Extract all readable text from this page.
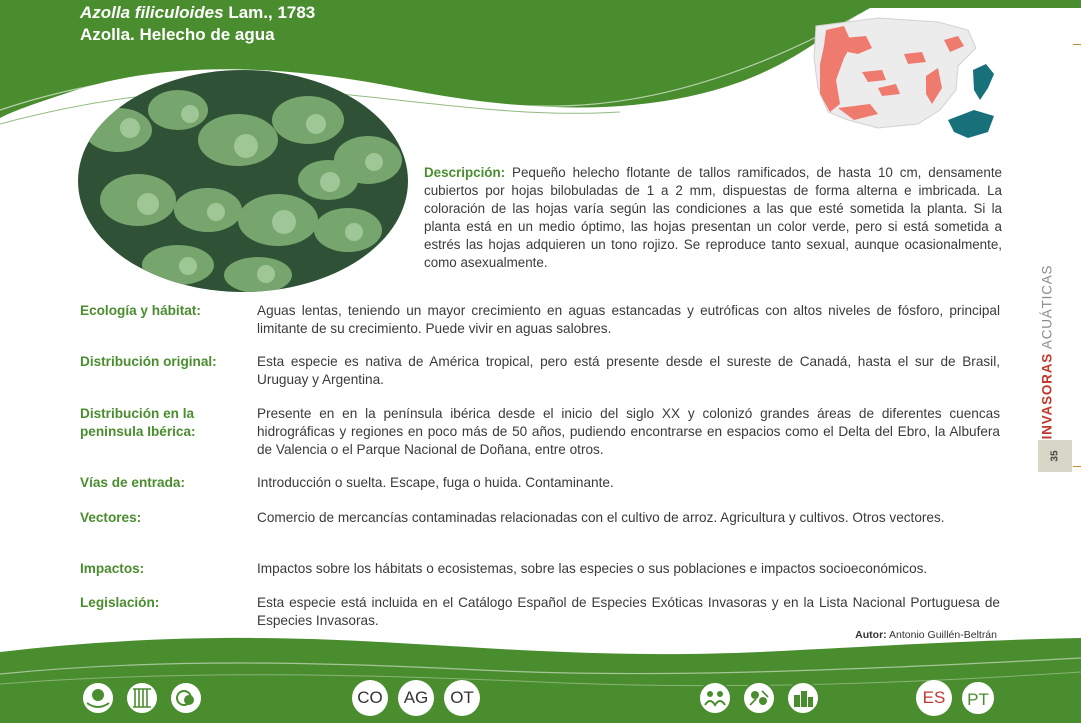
Azolla filiculoides Lam., 1783
Azolla. Helecho de agua
Descripción: Pequeño helecho flotante de tallos ramificados, de hasta 10 cm, densamente cubiertos por hojas bilobuladas de 1 a 2 mm, dispuestas de forma alterna e imbricada. La coloración de las hojas varía según las condiciones a las que esté sometida la planta. Si la planta está en un medio óptimo, las hojas presentan un color verde, pero si está sometida a estrés las hojas adquieren un tono rojizo. Se reproduce tanto sexual, aunque ocasionalmente, como asexualmente.
Ecología y hábitat:	Aguas lentas, teniendo un mayor crecimiento en aguas estancadas y eutróficas con altos niveles de fósforo, principal limitante de su crecimiento. Puede vivir en aguas salobres.
Distribución original:	Esta especie es nativa de América tropical, pero está presente desde el sureste de Canadá, hasta el sur de Brasil, Uruguay y Argentina.
Distribución en la peninsula Ibérica:
Presente en en la península ibérica desde el inicio del siglo XX y colonizó grandes áreas de diferentes cuencas hidrográficas y regiones en poco más de 50 años, pudiendo encontrarse en espacios como el Delta del Ebro, la Albufera de Valencia o el Parque Nacional de Doñana, entre otros.
Vías de entrada:	Introducción o suelta. Escape, fuga o huida. Contaminante.
Vectores:	Comercio de mercancías contaminadas relacionadas con el cultivo de arroz. Agricultura y cultivos. Otros vectores.
Impactos:	Impactos sobre los hábitats o ecosistemas, sobre las especies o sus poblaciones e impactos socioeconómicos.
Legislación:	Esta especie está incluida en el Catálogo Español de Especies Exóticas Invasoras y en la Lista Nacional Portuguesa de Especies Invasoras.
Autor: Antonio Guillén-Beltrán
INVASORAS ACUÁTICAS
35
CO	AG	OT	ES	PT
